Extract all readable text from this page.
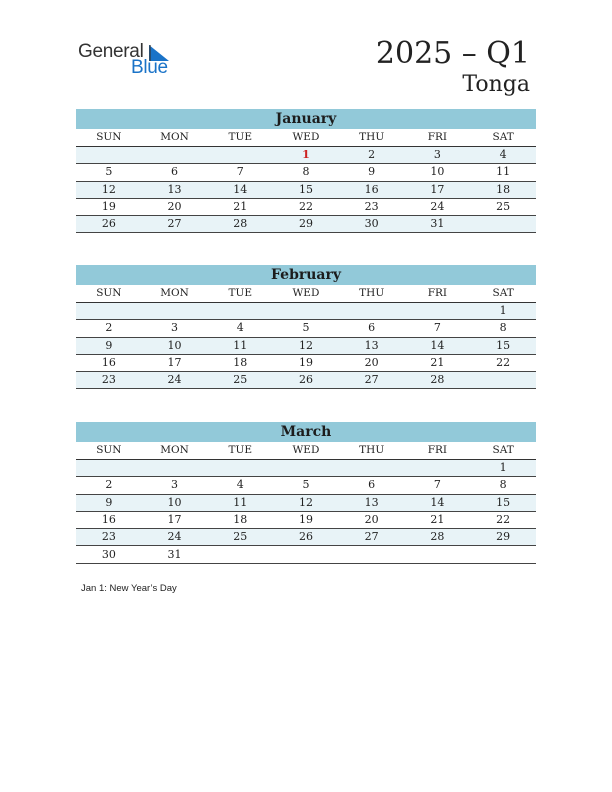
General
Blue	2025 – Q1
Tonga
January
SUN	MON	TUE	WED	THU	FRI	SAT
			1	2	3	4
5	6	7	8	9	10	11
12	13	14	15	16	17	18
19	20	21	22	23	24	25
26	27	28	29	30	31	
February
SUN	MON	TUE	WED	THU	FRI	SAT
						1
2	3	4	5	6	7	8
9	10	11	12	13	14	15
16	17	18	19	20	21	22
23	24	25	26	27	28	
March
SUN	MON	TUE	WED	THU	FRI	SAT
						1
2	3	4	5	6	7	8
9	10	11	12	13	14	15
16	17	18	19	20	21	22
23	24	25	26	27	28	29
30	31					
Jan 1: New Year’s Day
